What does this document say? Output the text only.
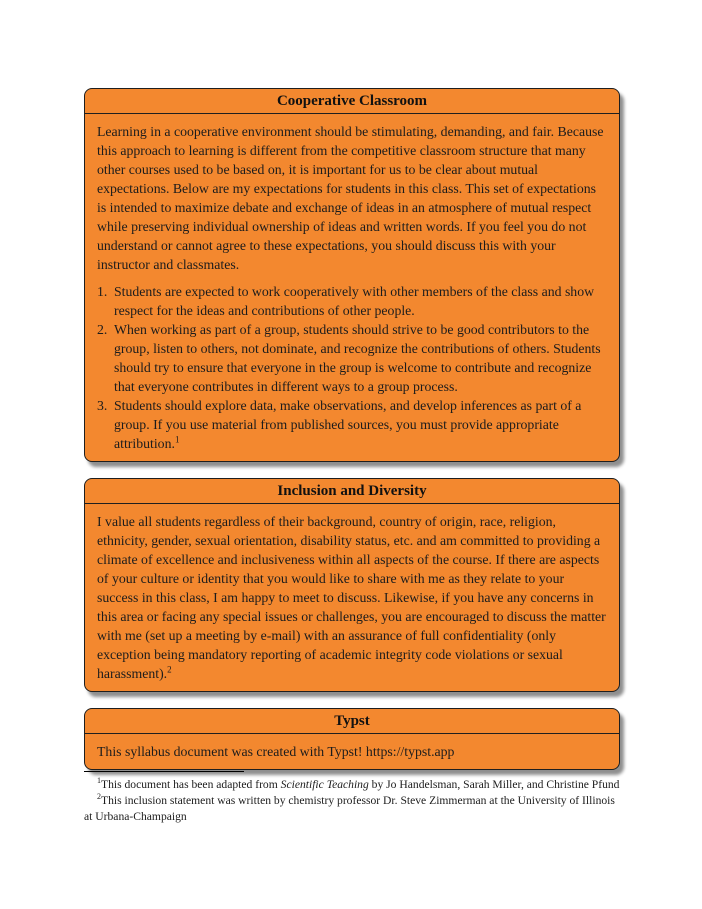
Cooperative Classroom

Learning in a cooperative environment should be stimulating, demanding, and fair. Because this approach to learning is different from the competitive classroom structure that many other courses used to be based on, it is important for us to be clear about mutual expectations. Below are my expectations for students in this class. This set of expectations is intended to maximize debate and exchange of ideas in an atmosphere of mutual respect while preserving individual ownership of ideas and written words. If you feel you do not understand or cannot agree to these expectations, you should discuss this with your instructor and classmates.

1. Students are expected to work cooperatively with other members of the class and show respect for the ideas and contributions of other people.
2. When working as part of a group, students should strive to be good contributors to the group, listen to others, not dominate, and recognize the contributions of others. Students should try to ensure that everyone in the group is welcome to contribute and recognize that everyone contributes in different ways to a group process.
3. Students should explore data, make observations, and develop inferences as part of a group. If you use material from published sources, you must provide appropriate attribution.$^1$
Inclusion and Diversity

I value all students regardless of their background, country of origin, race, religion, ethnicity, gender, sexual orientation, disability status, etc. and am committed to providing a climate of excellence and inclusiveness within all aspects of the course. If there are aspects of your culture or identity that you would like to share with me as they relate to your success in this class, I am happy to meet to discuss. Likewise, if you have any concerns in this area or facing any special issues or challenges, you are encouraged to discuss the matter with me (set up a meeting by e-mail) with an assurance of full confidentiality (only exception being mandatory reporting of academic integrity code violations or sexual harassment).$^2$

Typst

This syllabus document was created with Typst! https://typst.app

$^1$This document has been adapted from Scientific Teaching by Jo Handelsman, Sarah Miller, and Christine Pfund

$^2$This inclusion statement was written by chemistry professor Dr. Steve Zimmerman at the University of Illinois at Urbana-Champaign
